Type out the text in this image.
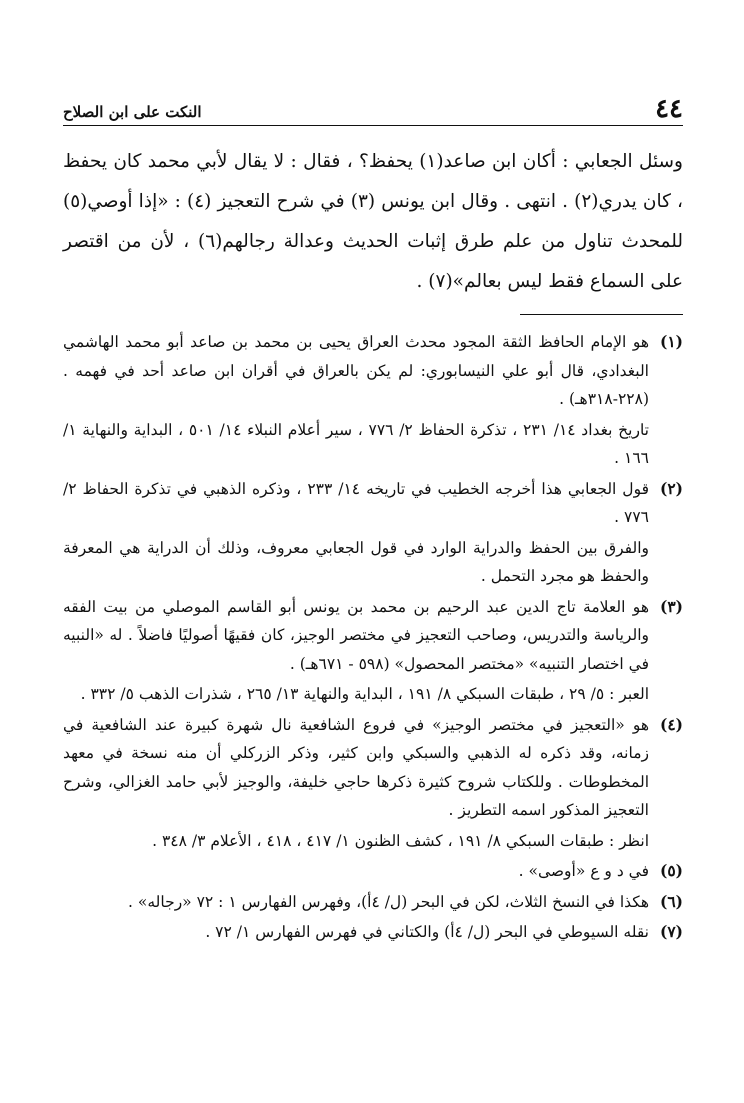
٤٤
النكت على ابن الصلاح

وسئل الجعابي : أكان ابن صاعد(١) يحفظ؟ ، فقال : لا يقال لأبي محمد كان يحفظ ، كان يدري(٢) . انتهى . وقال ابن يونس (٣) في شرح التعجيز (٤) : «إذا أوصي(٥) للمحدث تناول من علم طرق إثبات الحديث وعدالة رجالهم(٦) ، لأن من اقتصر على السماع فقط ليس بعالم»(٧) .

(١)

هو الإمام الحافظ الثقة المجود محدث العراق يحيى بن محمد بن صاعد أبو محمد الهاشمي البغدادي، قال أبو علي النيسابوري: لم يكن بالعراق في أقران ابن صاعد أحد في فهمه . (٢٢٨-٣١٨هـ) .

تاريخ بغداد ١٤/ ٢٣١ ، تذكرة الحفاظ ٢/ ٧٧٦ ، سير أعلام النبلاء ١٤/ ٥٠١ ، البداية والنهاية ١/ ١٦٦ .

(٢)

قول الجعابي هذا أخرجه الخطيب في تاريخه ١٤/ ٢٣٣ ، وذكره الذهبي في تذكرة الحفاظ ٢/ ٧٧٦ .

والفرق بين الحفظ والدراية الوارد في قول الجعابي معروف، وذلك أن الدراية هي المعرفة والحفظ هو مجرد التحمل .

(٣)

هو العلامة تاج الدين عبد الرحيم بن محمد بن يونس أبو القاسم الموصلي من بيت الفقه والرياسة والتدريس، وصاحب التعجيز في مختصر الوجيز، كان فقيهًا أصوليًا فاضلاً . له «النبيه في اختصار التنبيه» «مختصر المحصول» (٥٩٨ - ٦٧١هـ) .

العبر : ٥/ ٢٩ ، طبقات السبكي ٨/ ١٩١ ، البداية والنهاية ١٣/ ٢٦٥ ، شذرات الذهب ٥/ ٣٣٢ .

(٤)

هو «التعجيز في مختصر الوجيز» في فروع الشافعية نال شهرة كبيرة عند الشافعية في زمانه، وقد ذكره له الذهبي والسبكي وابن كثير، وذكر الزركلي أن منه نسخة في معهد المخطوطات . وللكتاب شروح كثيرة ذكرها حاجي خليفة، والوجيز لأبي حامد الغزالي، وشرح التعجيز المذكور اسمه التطريز .

انظر : طبقات السبكي ٨/ ١٩١ ، كشف الظنون ١/ ٤١٧ ، ٤١٨ ، الأعلام ٣/ ٣٤٨ .

(٥)

في د و ع «أوصى» .

(٦)

هكذا في النسخ الثلاث، لكن في البحر (ل/ ٤أ)، وفهرس الفهارس ١ : ٧٢ «رجاله» .

(٧)

نقله السيوطي في البحر (ل/ ٤أ) والكتاني في فهرس الفهارس ١/ ٧٢ .
